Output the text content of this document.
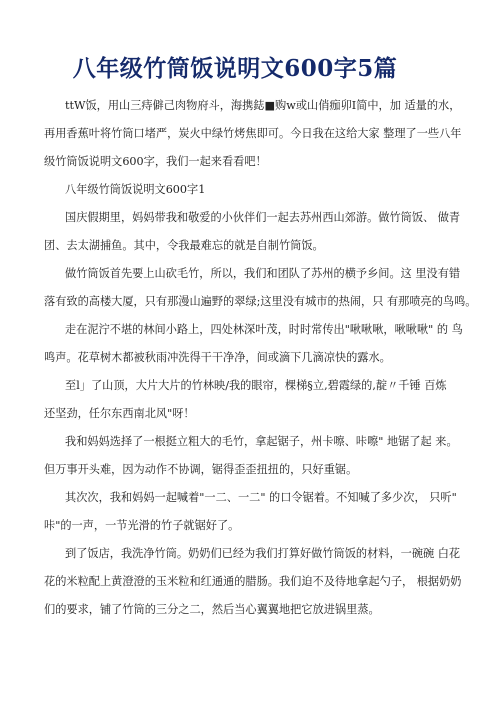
八年级竹筒饭说明文600字5篇
ttW饭，用山三痔僻己肉物府斗，海携鋕■购w或山俏痂卯I简中，加 适量的水，
再用香蕉叶将竹筒口堵严，炭火中绿竹烤焦即可。今日我在这给大家 整理了一些八年
级竹筒饭说明文600字，我们一起来看看吧！
八年级竹筒饭说明文600字1
国庆假期里，妈妈带我和敬爱的小伙伴们一起去苏州西山郊游。做竹筒饭、 做青
团、去太湖捕鱼。其中，令我最难忘的就是自制竹筒饭。
做竹筒饭首先要上山砍毛竹，所以，我们和团队了苏州的横予乡间。这 里没有错
落有致的高楼大厦，只有那漫山遍野的翠绿;这里没有城市的热闹，只 有那喷亮的鸟鸣。
走在泥泞不堪的林间小路上，四处林深叶茂，时时常传出"啾啾啾，啾啾啾" 的 鸟
鸣声。花草树木都被秋雨冲洗得干干净净，间或滴下几滴凉快的露水。
至l」了山顶，大片大片的竹林映/我的眼帘，棵梯§立,碧霞绿的,靛〃千锤 百炼
还坚劲，任尔东西南北风"呀！
我和妈妈选择了一根挺立粗大的毛竹，拿起锯子，州卡嚓、咔嚓" 地锯了起 来。
但万事开头难，因为动作不协调，锯得歪歪扭扭的，只好重锯。
其次次，我和妈妈一起喊着"一二、一二" 的口令锯着。不知喊了多少次， 只听"
咔"的一声，一节光滑的竹子就锯好了。
到了饭店，我洗净竹筒。奶奶们已经为我们打算好做竹筒饭的材料，一碗碗 白花
花的米粒配上黄澄澄的玉米粒和红通通的腊肠。我们迫不及待地拿起勺子， 根据奶奶
们的要求，铺了竹筒的三分之二，然后当心翼翼地把它放进锅里蒸。
